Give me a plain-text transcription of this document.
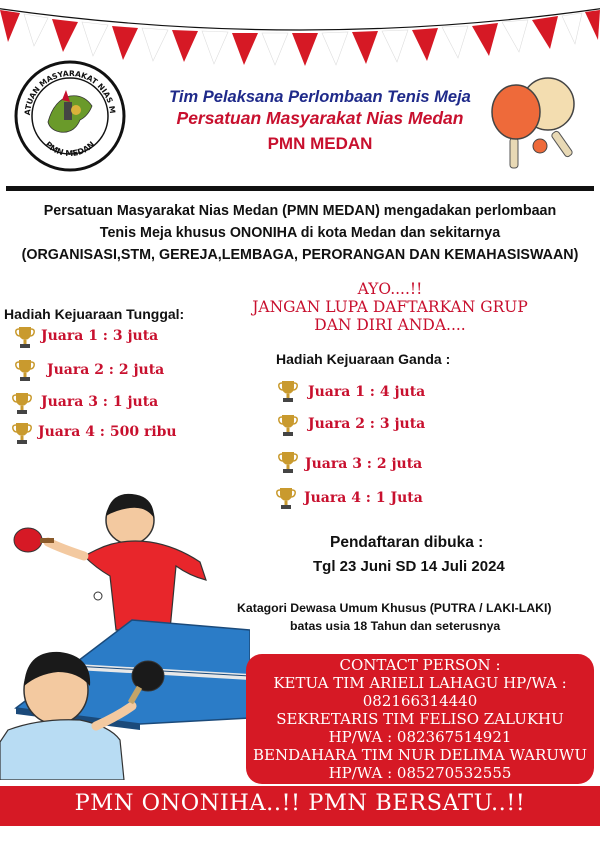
ATUAN MASYARAKAT NIAS M
PMN MEDAN
Tim Pelaksana Perlombaan Tenis Meja
Persatuan Masyarakat Nias Medan
PMN MEDAN
Persatuan Masyarakat Nias Medan (PMN MEDAN) mengadakan perlombaan
Tenis Meja khusus ONONIHA di kota Medan dan sekitarnya
(ORGANISASI,STM, GEREJA,LEMBAGA, PERORANGAN DAN KEMAHASISWAAN)
Hadiah Kejuaraan Tunggal:
Juara 1 : 3 juta
Juara 2 : 2 juta
Juara 3 : 1 juta
Juara 4 : 500 ribu
AYO....!!
JANGAN LUPA DAFTARKAN GRUP
DAN DIRI ANDA....
Hadiah Kejuaraan Ganda :
Juara 1 : 4 juta
Juara 2 : 3 juta
Juara 3 : 2 juta
Juara 4 : 1 Juta
Pendaftaran dibuka :
Tgl 23 Juni SD 14 Juli 2024
Katagori Dewasa Umum Khusus (PUTRA / LAKI-LAKI)
batas usia 18 Tahun dan seterusnya
CONTACT PERSON :
KETUA TIM ARIELI LAHAGU HP/WA :
082166314440
SEKRETARIS TIM FELISO ZALUKHU
HP/WA : 082367514921
BENDAHARA TIM NUR DELIMA WARUWU
HP/WA : 085270532555
PMN ONONIHA..!! PMN BERSATU..!!
